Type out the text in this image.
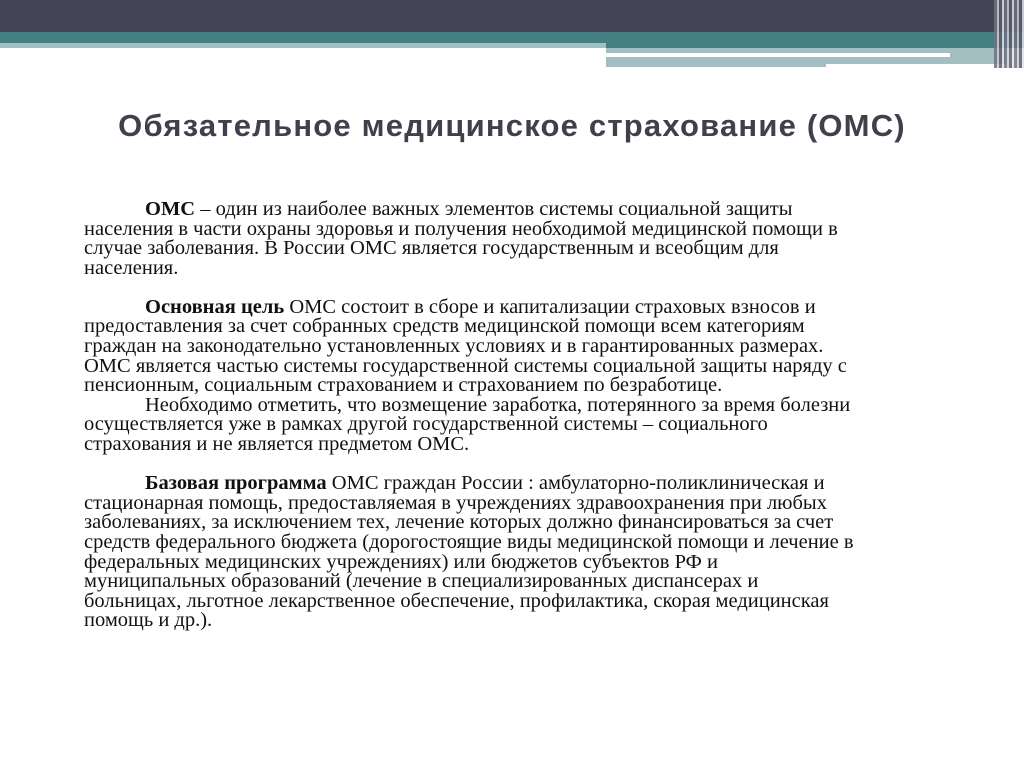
Обязательное медицинское страхование (ОМС)
ОМС – один из наиболее важных элементов системы социальной защиты
населения в части охраны здоровья и получения необходимой медицинской помощи в
случае заболевания. В России ОМС является государственным и всеобщим для
населения.
Основная цель ОМС состоит в сборе и капитализации страховых взносов и
предоставления за счет собранных средств медицинской помощи всем категориям
граждан на законодательно установленных условиях и в гарантированных размерах.
ОМС является частью системы государственной системы социальной защиты наряду с
пенсионным, социальным страхованием и страхованием по безработице.
Необходимо отметить, что возмещение заработка, потерянного за время болезни
осуществляется уже в рамках другой государственной системы – социального
страхования и не является предметом ОМС.
Базовая программа ОМС граждан России : амбулаторно-поликлиническая и
стационарная помощь, предоставляемая в учреждениях здравоохранения при любых
заболеваниях, за исключением тех, лечение которых должно финансироваться за счет
средств федерального бюджета (дорогостоящие виды медицинской помощи и лечение в
федеральных медицинских учреждениях) или бюджетов субъектов РФ и
муниципальных образований (лечение в специализированных диспансерах и
больницах, льготное лекарственное обеспечение, профилактика, скорая медицинская
помощь и др.).
